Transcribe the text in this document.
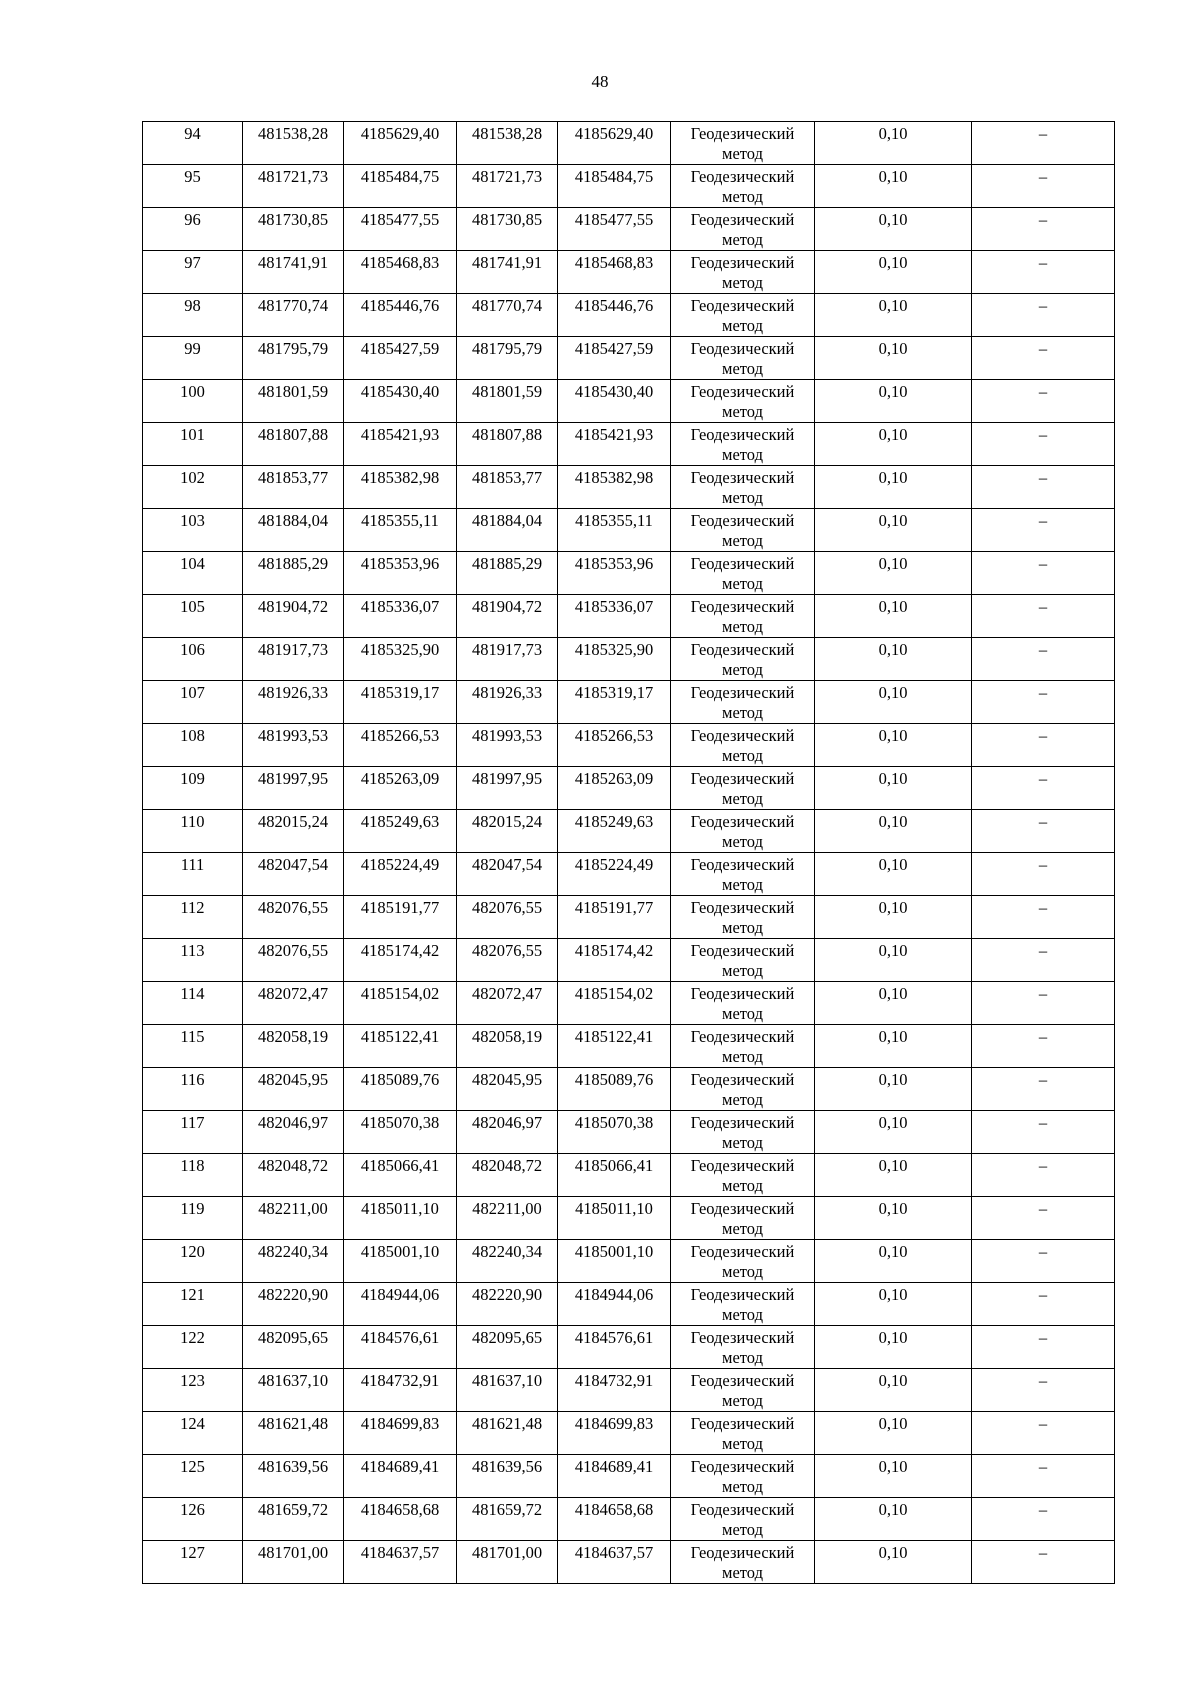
48
94	481538,28	4185629,40	481538,28	4185629,40	Геодезический метод	0,10	–

95	481721,73	4185484,75	481721,73	4185484,75	Геодезический метод	0,10	–

96	481730,85	4185477,55	481730,85	4185477,55	Геодезический метод	0,10	–

97	481741,91	4185468,83	481741,91	4185468,83	Геодезический метод	0,10	–

98	481770,74	4185446,76	481770,74	4185446,76	Геодезический метод	0,10	–

99	481795,79	4185427,59	481795,79	4185427,59	Геодезический метод	0,10	–

100	481801,59	4185430,40	481801,59	4185430,40	Геодезический метод	0,10	–

101	481807,88	4185421,93	481807,88	4185421,93	Геодезический метод	0,10	–

102	481853,77	4185382,98	481853,77	4185382,98	Геодезический метод	0,10	–

103	481884,04	4185355,11	481884,04	4185355,11	Геодезический метод	0,10	–

104	481885,29	4185353,96	481885,29	4185353,96	Геодезический метод	0,10	–

105	481904,72	4185336,07	481904,72	4185336,07	Геодезический метод	0,10	–

106	481917,73	4185325,90	481917,73	4185325,90	Геодезический метод	0,10	–

107	481926,33	4185319,17	481926,33	4185319,17	Геодезический метод	0,10	–

108	481993,53	4185266,53	481993,53	4185266,53	Геодезический метод	0,10	–

109	481997,95	4185263,09	481997,95	4185263,09	Геодезический метод	0,10	–

110	482015,24	4185249,63	482015,24	4185249,63	Геодезический метод	0,10	–

111	482047,54	4185224,49	482047,54	4185224,49	Геодезический метод	0,10	–

112	482076,55	4185191,77	482076,55	4185191,77	Геодезический метод	0,10	–

113	482076,55	4185174,42	482076,55	4185174,42	Геодезический метод	0,10	–

114	482072,47	4185154,02	482072,47	4185154,02	Геодезический метод	0,10	–

115	482058,19	4185122,41	482058,19	4185122,41	Геодезический метод	0,10	–

116	482045,95	4185089,76	482045,95	4185089,76	Геодезический метод	0,10	–

117	482046,97	4185070,38	482046,97	4185070,38	Геодезический метод	0,10	–

118	482048,72	4185066,41	482048,72	4185066,41	Геодезический метод	0,10	–

119	482211,00	4185011,10	482211,00	4185011,10	Геодезический метод	0,10	–

120	482240,34	4185001,10	482240,34	4185001,10	Геодезический метод	0,10	–

121	482220,90	4184944,06	482220,90	4184944,06	Геодезический метод	0,10	–

122	482095,65	4184576,61	482095,65	4184576,61	Геодезический метод	0,10	–

123	481637,10	4184732,91	481637,10	4184732,91	Геодезический метод	0,10	–

124	481621,48	4184699,83	481621,48	4184699,83	Геодезический метод	0,10	–

125	481639,56	4184689,41	481639,56	4184689,41	Геодезический метод	0,10	–

126	481659,72	4184658,68	481659,72	4184658,68	Геодезический метод	0,10	–

127	481701,00	4184637,57	481701,00	4184637,57	Геодезический метод	0,10	–
